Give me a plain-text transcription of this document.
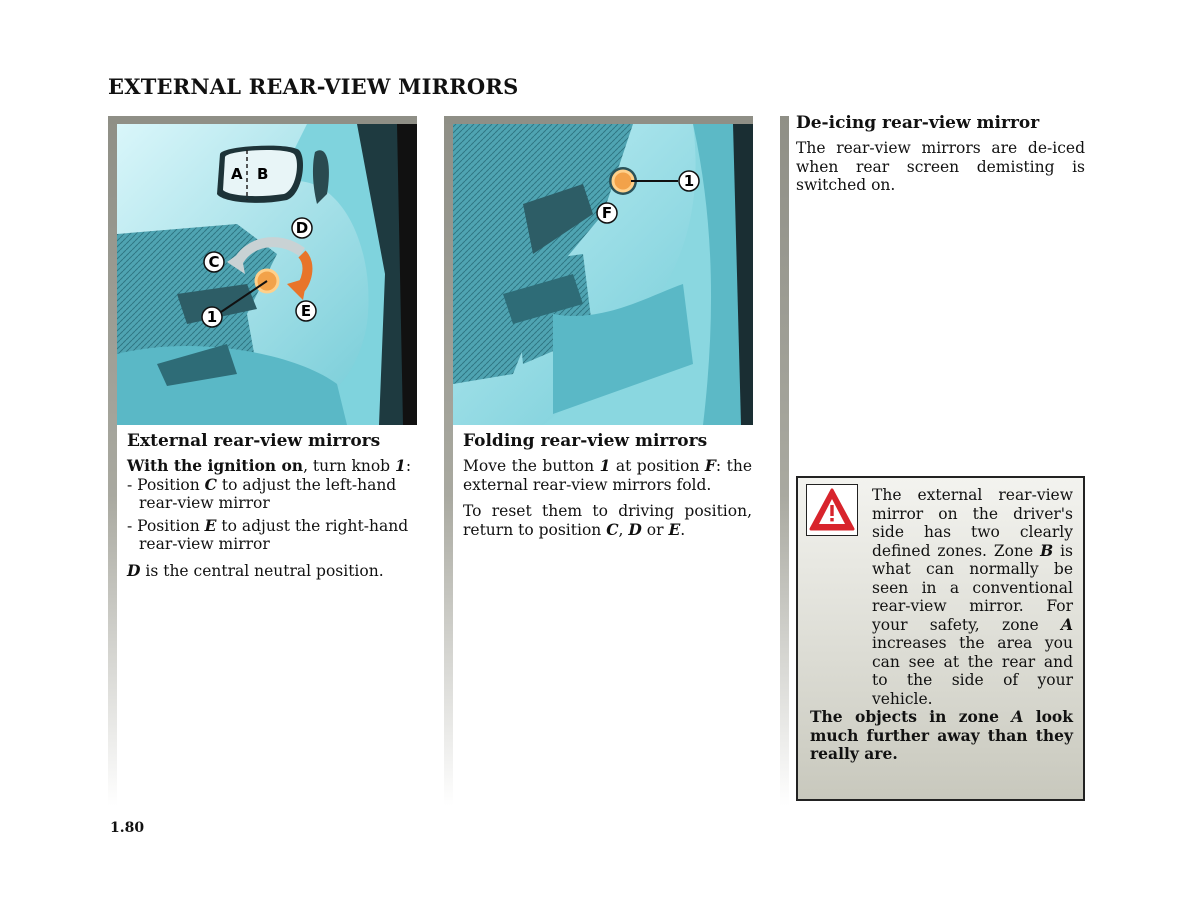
EXTERNAL REAR-VIEW MIRRORS
A B
1
C
D
E
1
F
External rear-view mirrors

With the ignition on, turn knob 1:

- Position C to adjust the left-hand rear-view mirror

- Position E to adjust the right-hand rear-view mirror

D is the central neutral position.

Folding rear-view mirrors

Move the button 1 at position F: the external rear-view mirrors fold.

To reset them to driving position, return to position C, D or E.

De-icing rear-view mirror
The rear-view mirrors are de-iced when rear screen demisting is switched on.
The external rear-view mirror on the driver's side has two clearly defined zones. Zone B is what can normally be seen in a conventional rear-view mirror. For your safety, zone A increases the area you can see at the rear and to the side of your vehicle.
The objects in zone A look much further away than they really are.
1.80
